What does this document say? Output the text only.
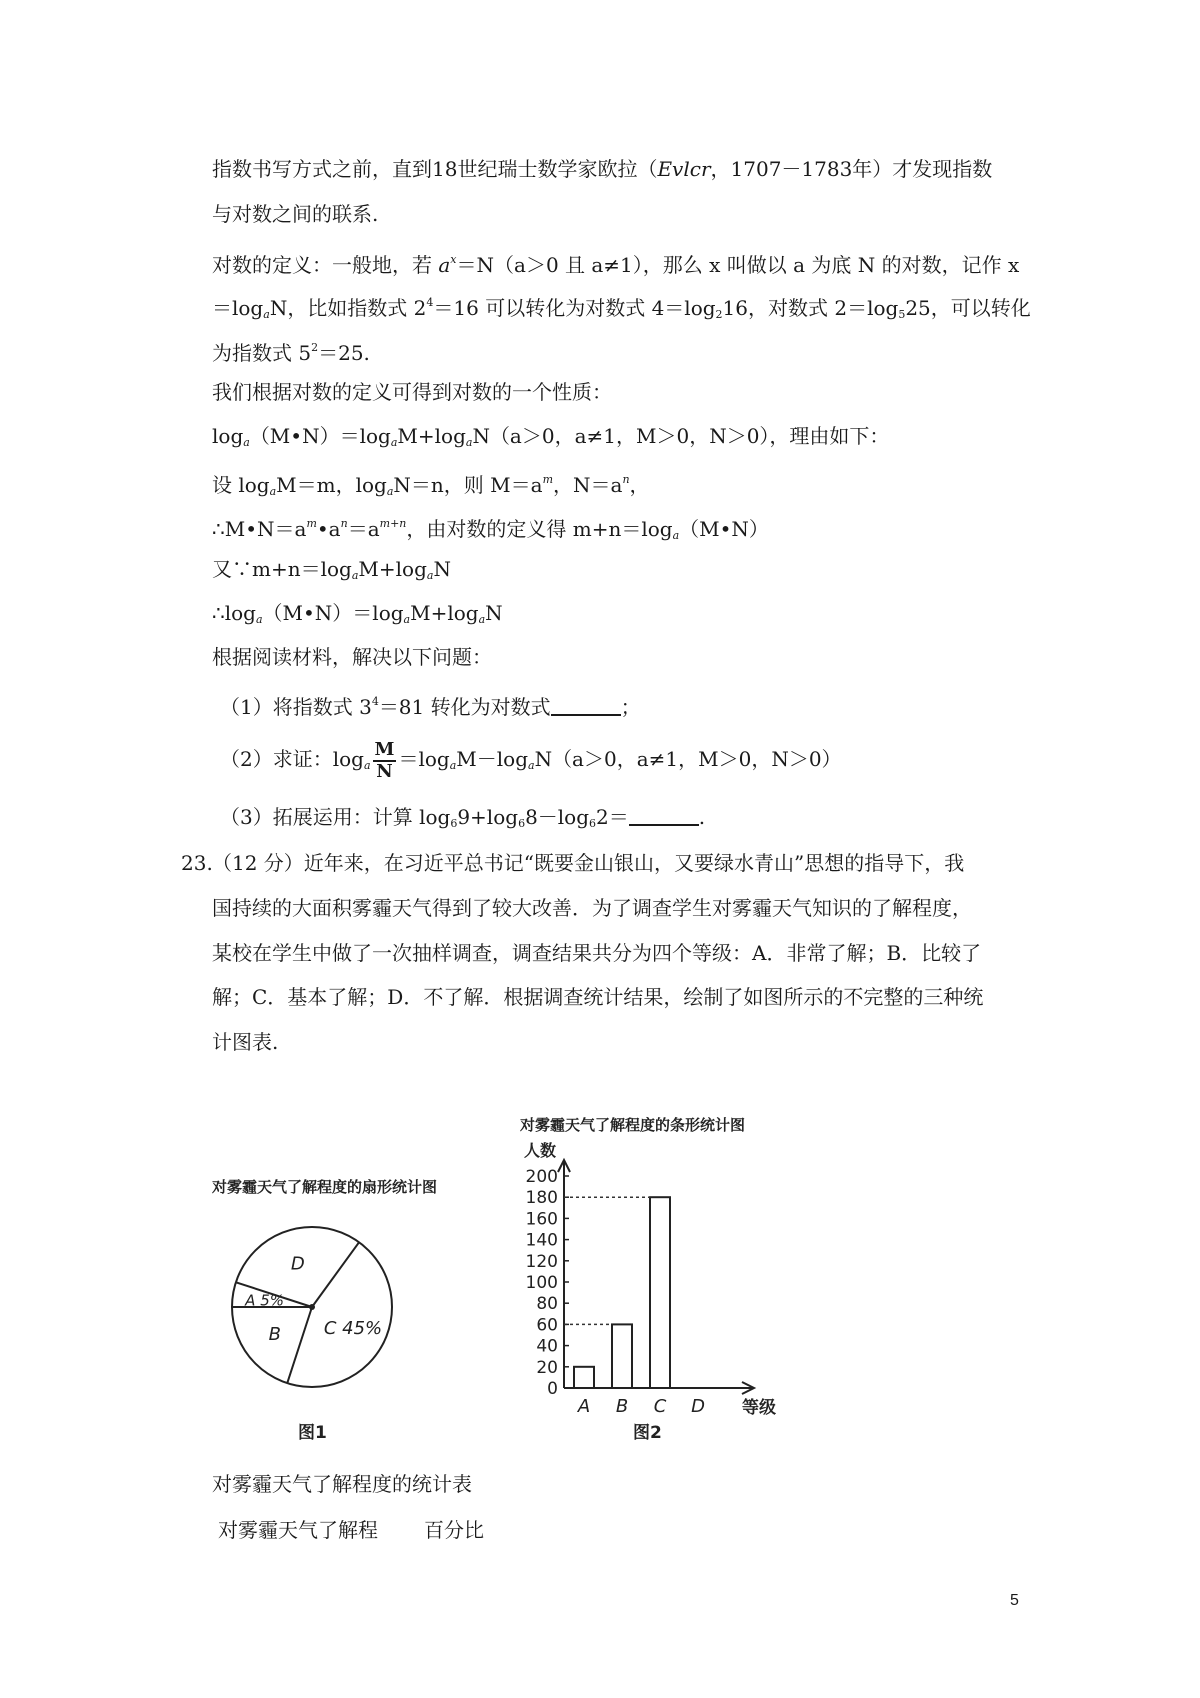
指数书写方式之前，直到18世纪瑞士数学家欧拉（Evlcr，1707－1783年）才发现指数
与对数之间的联系.
对数的定义：一般地，若 $a^x=N(a>0$ 且 a≠1），那么 x 叫做以 a 为底 N 的对数，记作 x
$=\log_aN$，比如指数式 $2^4=16$ 可以转化为对数式 $4=\log_216$，对数式 $2=\log_525$，可以转化
为指数式 $5^2=25$.
我们根据对数的定义可得到对数的一个性质：
$\log_a(M•N)=\log_aM+\log_aN(a>0$，a≠1，M＞0，N＞0），理由如下：
设 $\log_aM=m$，$\log_aN=n$，则 $M=a^m$，$N=a^n$，
$\therefore M•N=a^m•a^n=a^{m+n}$，由对数的定义得 $m+n=\log_a(M•N)$
又$\because m+n=\log_aM+\log_aN$
$\therefore\log_a(M•N)=\log_aM+\log_aN$
根据阅读材料，解决以下问题：
（1）将指数式 $3^4=81$ 转化为对数式	；
（2）求证：$\log_a \frac{M}{N} =\log_aM-\log_aN(a>0$，a≠1，M＞0，N＞0）
（3）拓展运用：计算 $\log_69+\log_68-\log_62=$	.
23. （12 分）近年来，在习近平总书记“既要金山银山，又要绿水青山”思想的指导下，我
国持续的大面积雾霾天气得到了较大改善．为了调查学生对雾霾天气知识的了解程度，
某校在学生中做了一次抽样调查，调查结果共分为四个等级：A．非常了解；B．比较了
解；C．基本了解；D．不了解．根据调查统计结果，绘制了如图所示的不完整的三种统
计图表.
对雾霾天气了解程度的扇形统计图
A 5%
D
C 45%
B
图1
对雾霾天气了解程度的条形统计图
人数
0
20
40
60
80
100
120
140
160
180
200
A B C D 等级
图2
对雾霾天气了解程度的统计表
对雾霾天气了解程 百分比
5
